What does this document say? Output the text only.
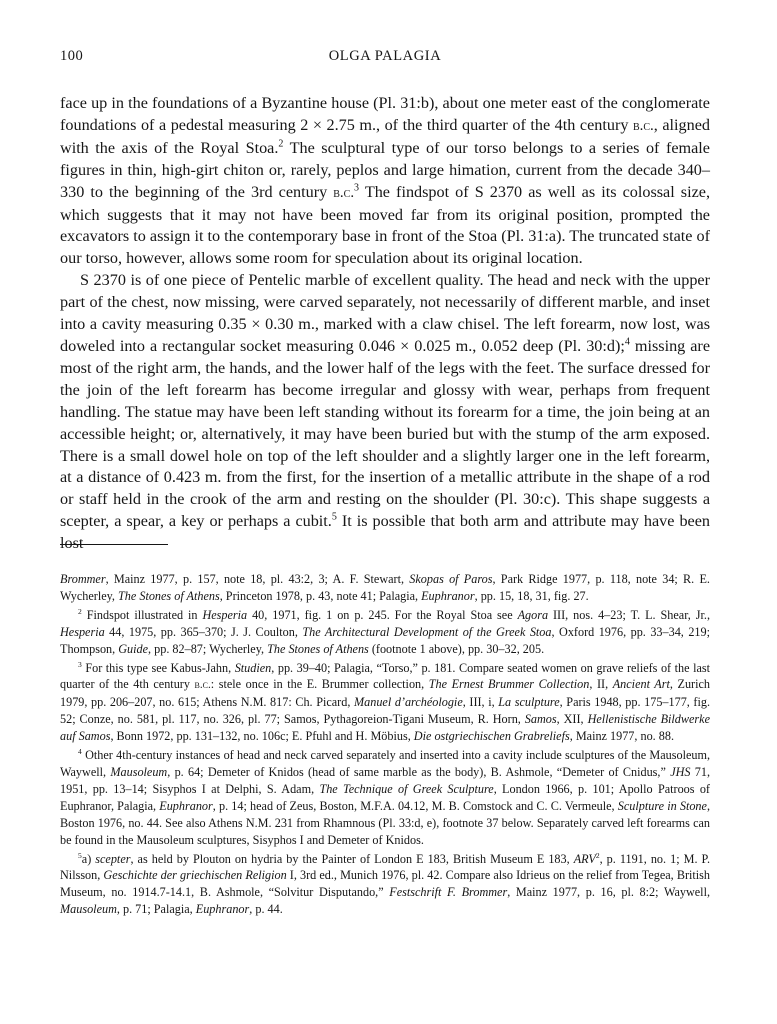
100	OLGA PALAGIA

face up in the foundations of a Byzantine house (Pl. 31:b), about one meter east of the conglomerate foundations of a pedestal measuring 2 × 2.75 m., of the third quarter of the 4th century b.c., aligned with the axis of the Royal Stoa.$^2$ The sculptural type of our torso belongs to a series of female figures in thin, high-girt chiton or, rarely, peplos and large himation, current from the decade 340–330 to the beginning of the 3rd century b.c.$^3$ The findspot of S 2370 as well as its colossal size, which suggests that it may not have been moved far from its original position, prompted the excavators to assign it to the contemporary base in front of the Stoa (Pl. 31:a). The truncated state of our torso, however, allows some room for speculation about its original location.

S 2370 is of one piece of Pentelic marble of excellent quality. The head and neck with the upper part of the chest, now missing, were carved separately, not necessarily of different marble, and inset into a cavity measuring 0.35 × 0.30 m., marked with a claw chisel. The left forearm, now lost, was doweled into a rectangular socket measuring 0.046 × 0.025 m., 0.052 deep (Pl. 30:d);$^4$ missing are most of the right arm, the hands, and the lower half of the legs with the feet. The surface dressed for the join of the left forearm has become irregular and glossy with wear, perhaps from frequent handling. The statue may have been left standing without its forearm for a time, the join being at an accessible height; or, alternatively, it may have been buried but with the stump of the arm exposed. There is a small dowel hole on top of the left shoulder and a slightly larger one in the left forearm, at a distance of 0.423 m. from the first, for the insertion of a metallic attribute in the shape of a rod or staff held in the crook of the arm and resting on the shoulder (Pl. 30:c). This shape suggests a scepter, a spear, a key or perhaps a cubit.$^5$ It is possible that both arm and attribute may have been lost

Brommer, Mainz 1977, p. 157, note 18, pl. 43:2, 3; A. F. Stewart, Skopas of Paros, Park Ridge 1977, p. 118, note 34; R. E. Wycherley, The Stones of Athens, Princeton 1978, p. 43, note 41; Palagia, Euphranor, pp. 15, 18, 31, fig. 27.

$^2$ Findspot illustrated in Hesperia 40, 1971, fig. 1 on p. 245. For the Royal Stoa see Agora III, nos. 4–23; T. L. Shear, Jr., Hesperia 44, 1975, pp. 365–370; J. J. Coulton, The Architectural Development of the Greek Stoa, Oxford 1976, pp. 33–34, 219; Thompson, Guide, pp. 82–87; Wycherley, The Stones of Athens (footnote 1 above), pp. 30–32, 205.

$^3$ For this type see Kabus-Jahn, Studien, pp. 39–40; Palagia, “Torso,” p. 181. Compare seated women on grave reliefs of the last quarter of the 4th century b.c.: stele once in the E. Brummer collection, The Ernest Brummer Collection, II, Ancient Art, Zurich 1979, pp. 206–207, no. 615; Athens N.M. 817: Ch. Picard, Manuel d’archéologie, III, i, La sculpture, Paris 1948, pp. 175–177, fig. 52; Conze, no. 581, pl. 117, no. 326, pl. 77; Samos, Pythagoreion-Tigani Museum, R. Horn, Samos, XII, Hellenistische Bildwerke auf Samos, Bonn 1972, pp. 131–132, no. 106c; E. Pfuhl and H. Möbius, Die ostgriechischen Grabreliefs, Mainz 1977, no. 88.

$^4$ Other 4th-century instances of head and neck carved separately and inserted into a cavity include sculptures of the Mausoleum, Waywell, Mausoleum, p. 64; Demeter of Knidos (head of same marble as the body), B. Ashmole, “Demeter of Cnidus,” JHS 71, 1951, pp. 13–14; Sisyphos I at Delphi, S. Adam, The Technique of Greek Sculpture, London 1966, p. 101; Apollo Patroos of Euphranor, Palagia, Euphranor, p. 14; head of Zeus, Boston, M.F.A. 04.12, M. B. Comstock and C. C. Vermeule, Sculpture in Stone, Boston 1976, no. 44. See also Athens N.M. 231 from Rhamnous (Pl. 33:d, e), footnote 37 below. Separately carved left forearms can be found in the Mausoleum sculptures, Sisyphos I and Demeter of Knidos.

$^5$a) scepter, as held by Plouton on hydria by the Painter of London E 183, British Museum E 183, ARV$^2$, p. 1191, no. 1; M. P. Nilsson, Geschichte der griechischen Religion I, 3rd ed., Munich 1976, pl. 42. Compare also Idrieus on the relief from Tegea, British Museum, no. 1914.7-14.1, B. Ashmole, “Solvitur Disputando,” Festschrift F. Brommer, Mainz 1977, p. 16, pl. 8:2; Waywell, Mausoleum, p. 71; Palagia, Euphranor, p. 44.
